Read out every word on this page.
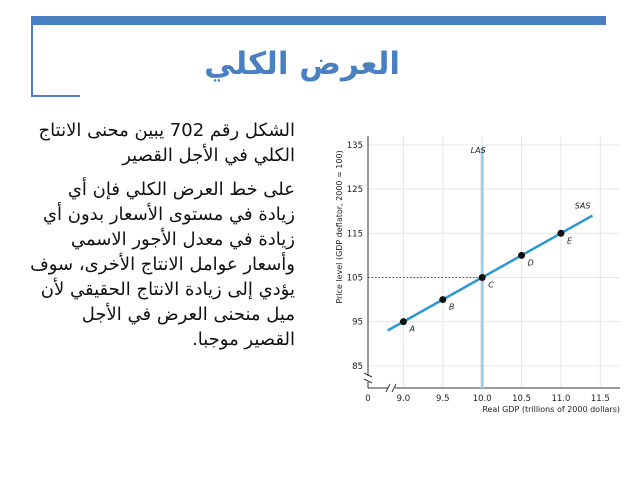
العرض الكلي

الشكل رقم 702 يبين محنى الانتاج الكلي في الأجل القصير
على خط العرض الكلي فإن أي زيادة في مستوى الأسعار بدون أي زيادة في معدل الأجور الاسمي وأسعار عوامل الانتاج الأخرى، سوف يؤدي إلى زيادة الانتاج الحقيقي لأن ميل منحنى العرض في الأجل القصير موجبا.

85
95
105
115
125
135
9.0	9.5	10.0 10.5 11.0 11.5
0
Real GDP (trillions of 2000 dollars)
Price level (GDP deflator, 2000 = 100)	LAS
SAS
A
B
C
D
E
